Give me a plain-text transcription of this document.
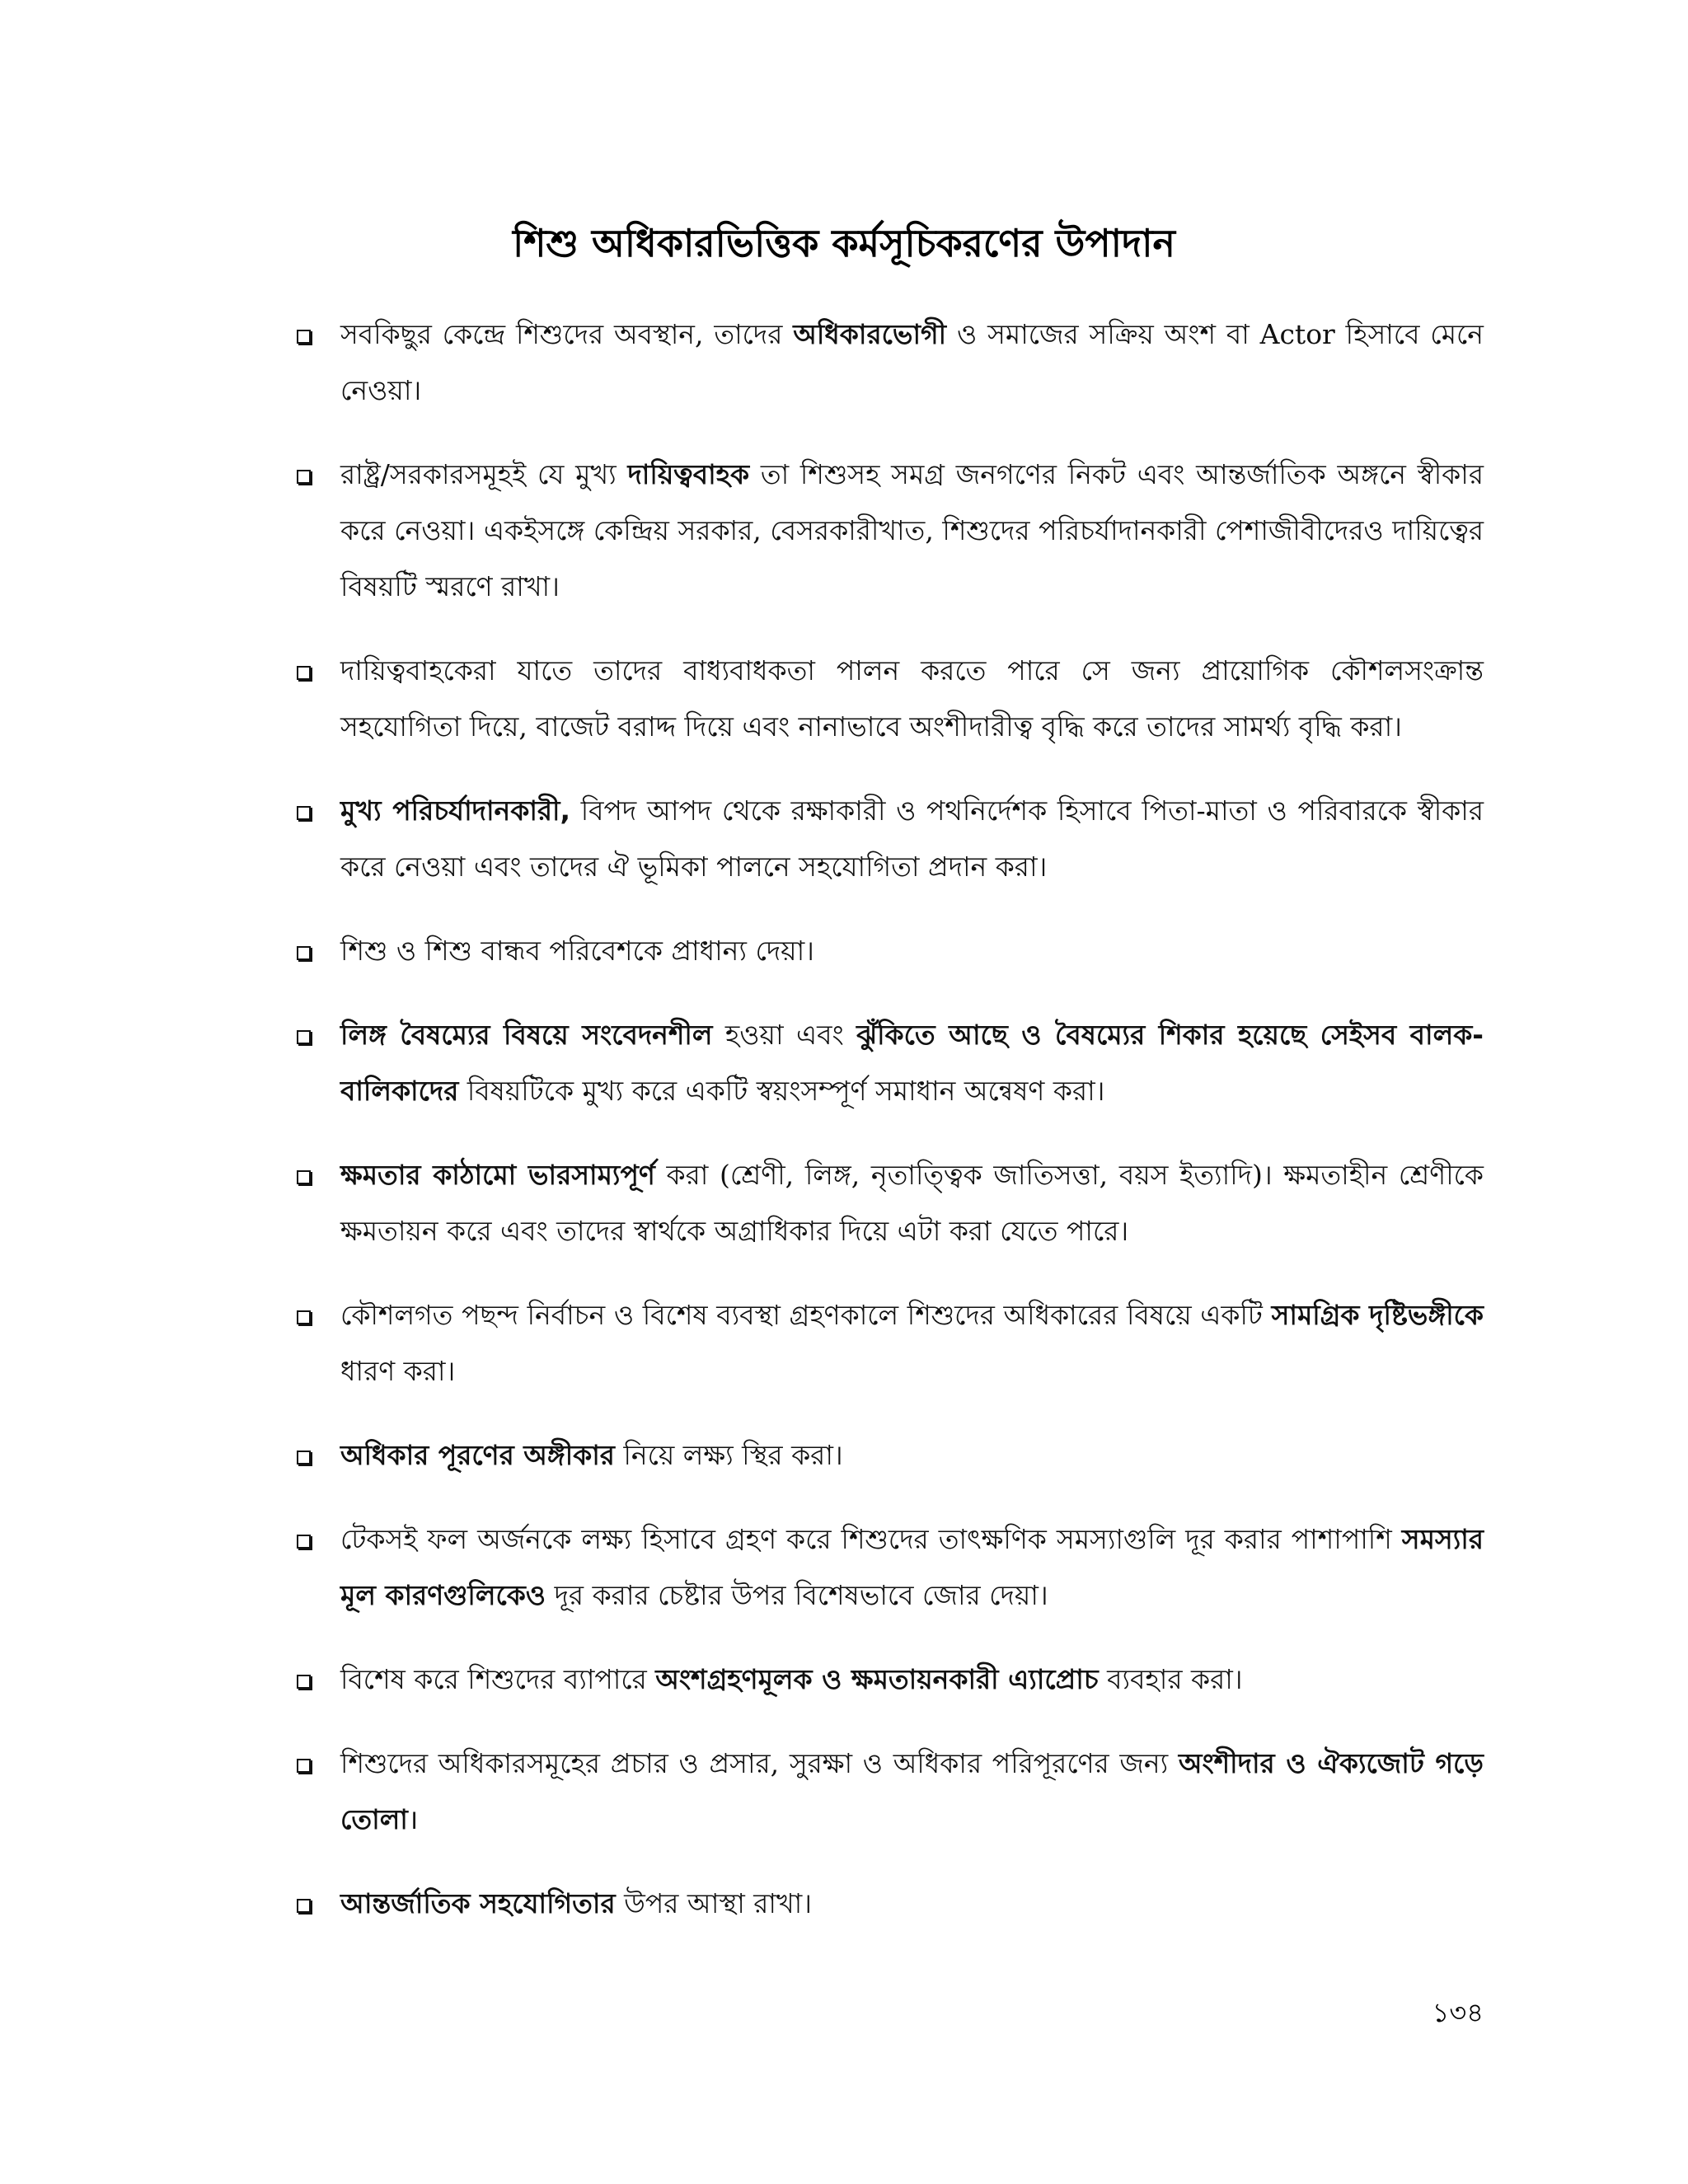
শিশু অধিকারভিত্তিক কর্মসূচিকরণের উপাদান
সবকিছুর কেন্দ্রে শিশুদের অবস্থান, তাদের অধিকারভোগী ও সমাজের সক্রিয় অংশ বা Actor হিসাবে মেনে নেওয়া।
রাষ্ট্র/সরকারসমূহই যে মুখ্য দায়িত্ববাহক তা শিশুসহ সমগ্র জনগণের নিকট এবং আন্তর্জাতিক অঙ্গনে স্বীকার করে নেওয়া। একইসঙ্গে কেন্দ্রিয় সরকার, বেসরকারীখাত, শিশুদের পরিচর্যাদানকারী পেশাজীবীদেরও দায়িত্বের বিষয়টি স্মরণে রাখা।
দায়িত্ববাহকেরা যাতে তাদের বাধ্যবাধকতা পালন করতে পারে সে জন্য প্রায়োগিক কৌশলসংক্রান্ত সহযোগিতা দিয়ে, বাজেট বরাদ্দ দিয়ে এবং নানাভাবে অংশীদারীত্ব বৃদ্ধি করে তাদের সামর্থ্য বৃদ্ধি করা।
মুখ্য পরিচর্যাদানকারী, বিপদ আপদ থেকে রক্ষাকারী ও পথনির্দেশক হিসাবে পিতা-মাতা ও পরিবারকে স্বীকার করে নেওয়া এবং তাদের ঐ ভূমিকা পালনে সহযোগিতা প্রদান করা।
শিশু ও শিশু বান্ধব পরিবেশকে প্রাধান্য দেয়া।
লিঙ্গ বৈষম্যের বিষয়ে সংবেদনশীল হওয়া এবং ঝুঁকিতে আছে ও বৈষম্যের শিকার হয়েছে সেইসব বালক-বালিকাদের বিষয়টিকে মুখ্য করে একটি স্বয়ংসম্পূর্ণ সমাধান অন্বেষণ করা।
ক্ষমতার কাঠামো ভারসাম্যপূর্ণ করা (শ্রেণী, লিঙ্গ, নৃতাত্ত্বিক জাতিসত্তা, বয়স ইত্যাদি)। ক্ষমতাহীন শ্রেণীকে ক্ষমতায়ন করে এবং তাদের স্বার্থকে অগ্রাধিকার দিয়ে এটা করা যেতে পারে।
কৌশলগত পছন্দ নির্বাচন ও বিশেষ ব্যবস্থা গ্রহণকালে শিশুদের অধিকারের বিষয়ে একটি সামগ্রিক দৃষ্টিভঙ্গীকে ধারণ করা।
অধিকার পূরণের অঙ্গীকার নিয়ে লক্ষ্য স্থির করা।
টেকসই ফল অর্জনকে লক্ষ্য হিসাবে গ্রহণ করে শিশুদের তাৎক্ষণিক সমস্যাগুলি দূর করার পাশাপাশি সমস্যার মূল কারণগুলিকেও দূর করার চেষ্টার উপর বিশেষভাবে জোর দেয়া।
বিশেষ করে শিশুদের ব্যাপারে অংশগ্রহণমূলক ও ক্ষমতায়নকারী এ্যাপ্রোচ ব্যবহার করা।
শিশুদের অধিকারসমূহের প্রচার ও প্রসার, সুরক্ষা ও অধিকার পরিপূরণের জন্য অংশীদার ও ঐক্যজোট গড়ে তোলা।
আন্তর্জাতিক সহযোগিতার উপর আস্থা রাখা।
১৩৪
